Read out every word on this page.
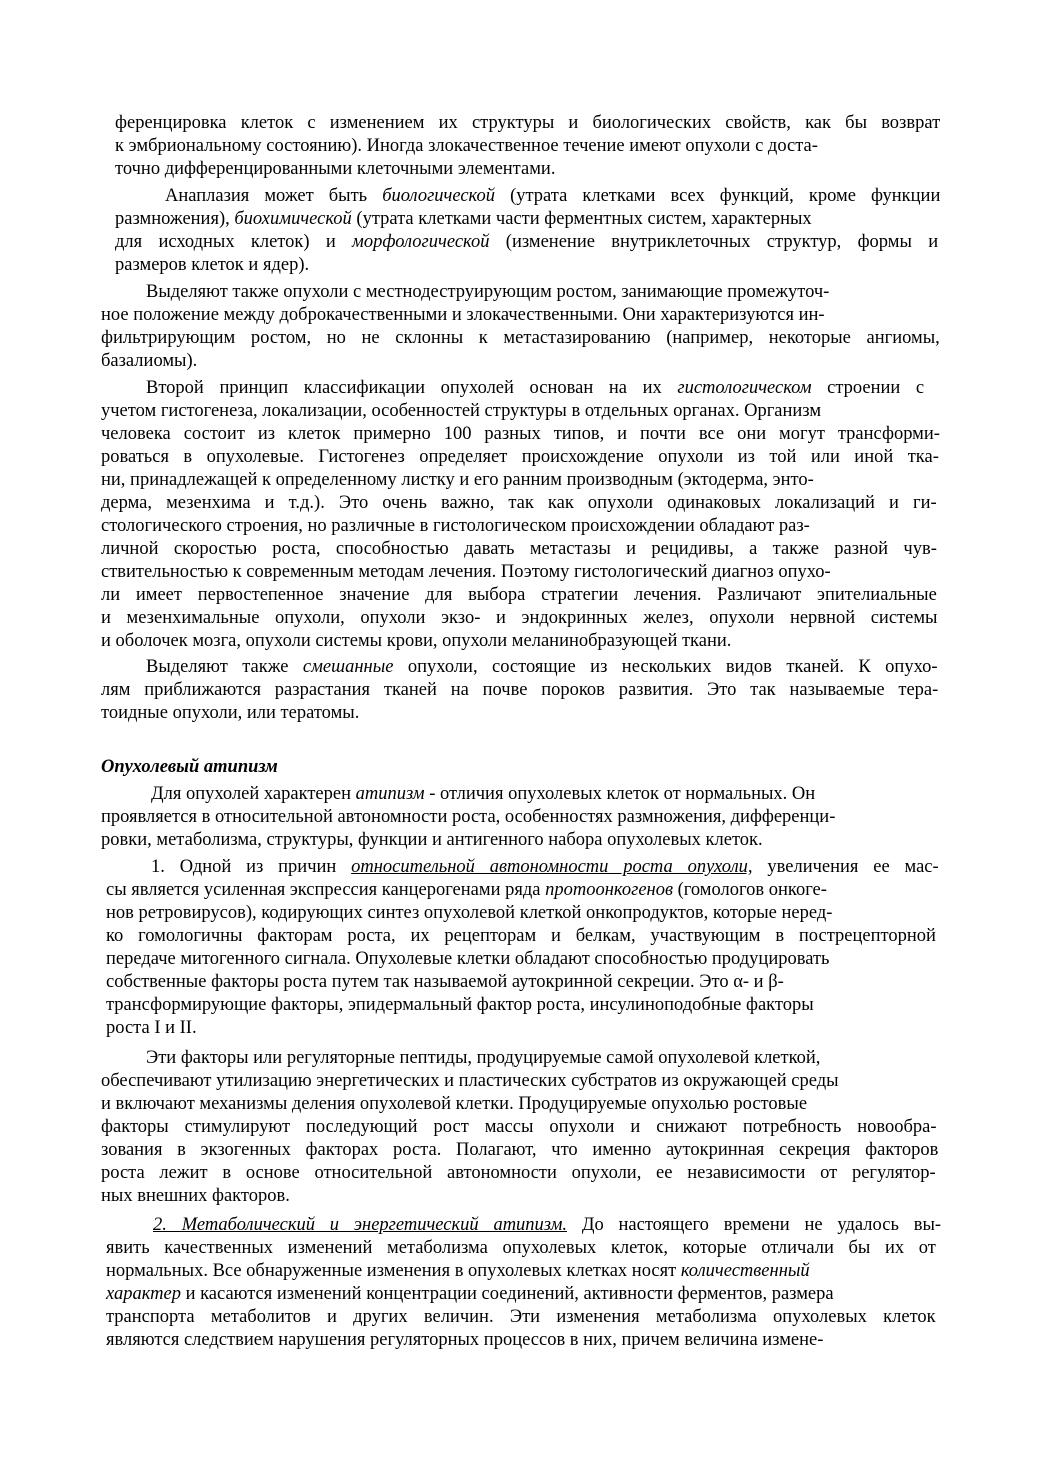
ференцировка клеток с изменением их структуры и биологических свойств, как бы возврат
к эмбриональному состоянию). Иногда злокачественное течение имеют опухоли с доста-
точно дифференцированными клеточными элементами.
Анаплазия может быть биологической (утрата клетками всех функций, кроме функции
размножения), биохимической (утрата клетками части ферментных систем, характерных
для исходных клеток) и морфологической (изменение внутриклеточных структур, формы и
размеров клеток и ядер).
Выделяют также опухоли с местнодеструирующим ростом, занимающие промежуточ-
ное положение между доброкачественными и злокачественными. Они характеризуются ин-
фильтрирующим ростом, но не склонны к метастазированию (например, некоторые ангиомы,
базалиомы).
Второй принцип классификации опухолей основан на их гистологическом строении с
учетом гистогенеза, локализации, особенностей структуры в отдельных органах. Организм
человека состоит из клеток примерно 100 разных типов, и почти все они могут трансформи-
роваться в опухолевые. Гистогенез определяет происхождение опухоли из той или иной тка-
ни, принадлежащей к определенному листку и его ранним производным (эктодерма, энто-
дерма, мезенхима и т.д.). Это очень важно, так как опухоли одинаковых локализаций и ги-
стологического строения, но различные в гистологическом происхождении обладают раз-
личной скоростью роста, способностью давать метастазы и рецидивы, а также разной чув-
ствительностью к современным методам лечения. Поэтому гистологический диагноз опухо-
ли имеет первостепенное значение для выбора стратегии лечения. Различают эпителиальные
и мезенхимальные опухоли, опухоли экзо- и эндокринных желез, опухоли нервной системы
и оболочек мозга, опухоли системы крови, опухоли меланинобразующей ткани.
Выделяют также смешанные опухоли, состоящие из нескольких видов тканей. К опухо-
лям приближаются разрастания тканей на почве пороков развития. Это так называемые тера-
тоидные опухоли, или тератомы.
Опухолевый атипизм
Для опухолей характерен атипизм - отличия опухолевых клеток от нормальных. Он
проявляется в относительной автономности роста, особенностях размножения, дифференци-
ровки, метаболизма, структуры, функции и антигенного набора опухолевых клеток.
1. Одной из причин относительной автономности роста опухоли, увеличения ее мас-
сы является усиленная экспрессия канцерогенами ряда протоонкогенов (гомологов онкоге-
нов ретровирусов), кодирующих синтез опухолевой клеткой онкопродуктов, которые неред-
ко гомологичны факторам роста, их рецепторам и белкам, участвующим в пострецепторной
передаче митогенного сигнала. Опухолевые клетки обладают способностью продуцировать
собственные факторы роста путем так называемой аутокринной секреции. Это α- и β-
трансформирующие факторы, эпидермальный фактор роста, инсулиноподобные факторы
роста I и II.
Эти факторы или регуляторные пептиды, продуцируемые самой опухолевой клеткой,
обеспечивают утилизацию энергетических и пластических субстратов из окружающей среды
и включают механизмы деления опухолевой клетки. Продуцируемые опухолью ростовые
факторы стимулируют последующий рост массы опухоли и снижают потребность новообра-
зования в экзогенных факторах роста. Полагают, что именно аутокринная секреция факторов
роста лежит в основе относительной автономности опухоли, ее независимости от регулятор-
ных внешних факторов.
2. Метаболический и энергетический атипизм. До настоящего времени не удалось вы-
явить качественных изменений метаболизма опухолевых клеток, которые отличали бы их от
нормальных. Все обнаруженные изменения в опухолевых клетках носят количественный
характер и касаются изменений концентрации соединений, активности ферментов, размера
транспорта метаболитов и других величин. Эти изменения метаболизма опухолевых клеток
являются следствием нарушения регуляторных процессов в них, причем величина измене-
